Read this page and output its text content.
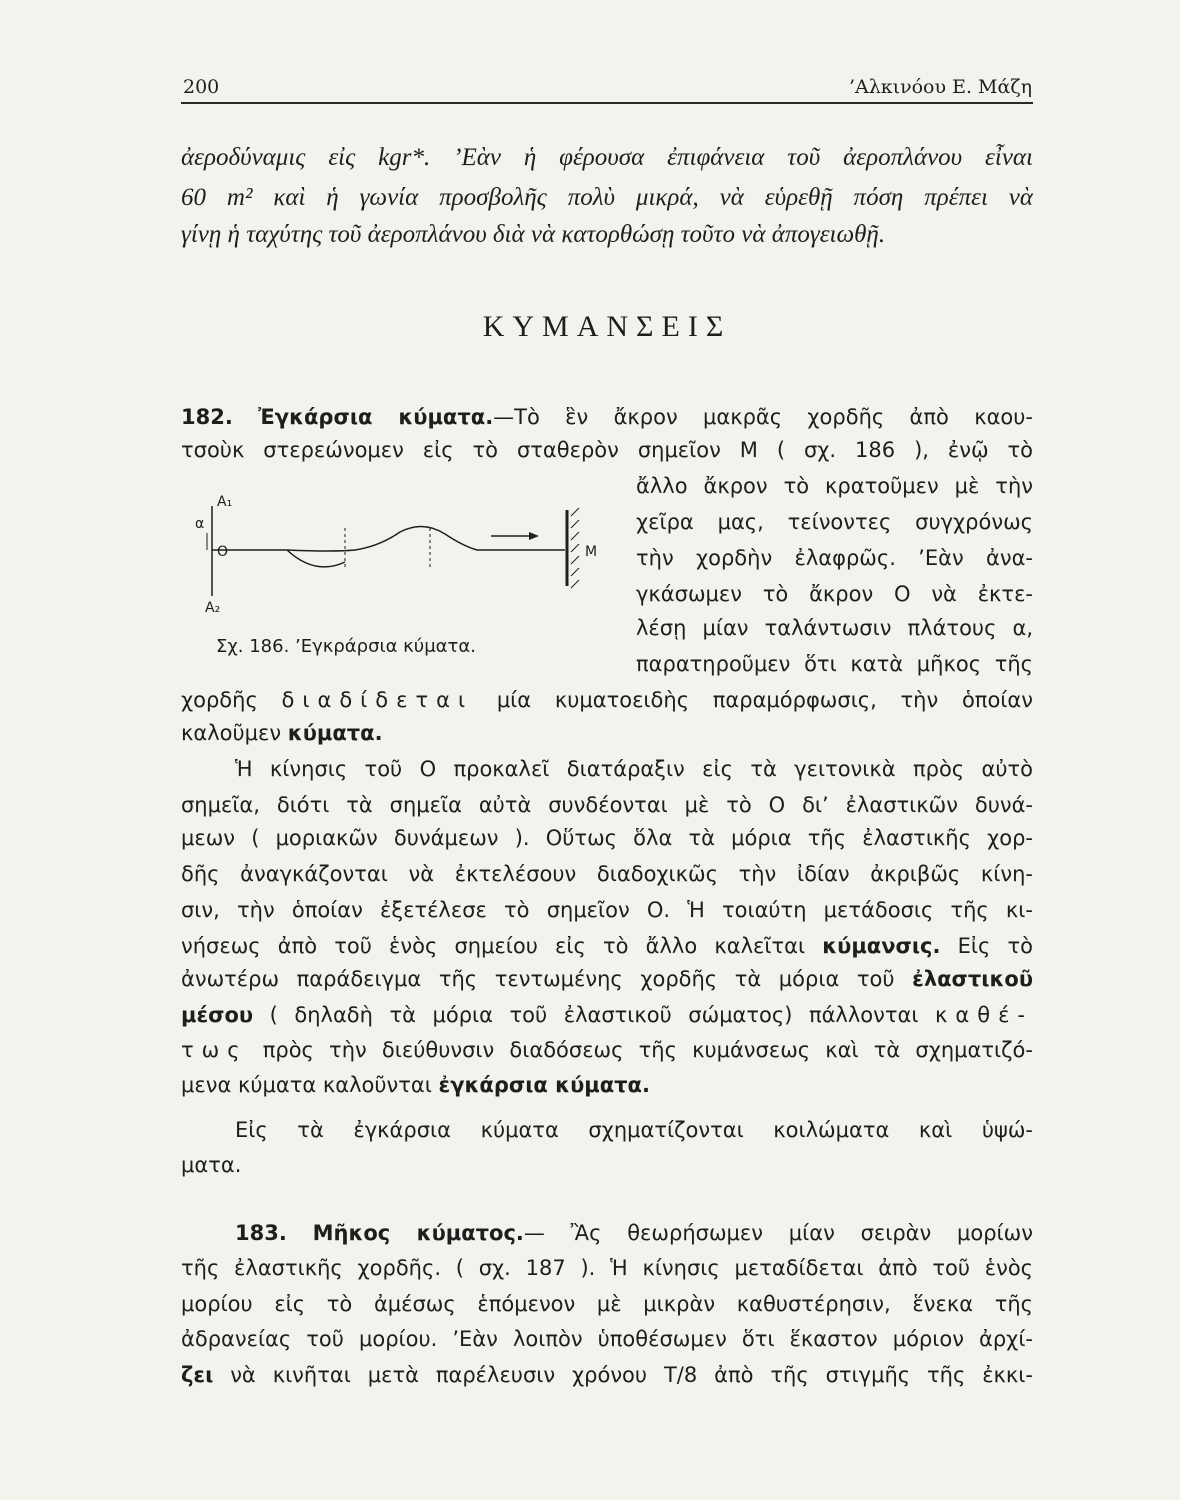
200	’Αλκινόου Ε. Μάζη
ἀεροδύναμις εἰς kgr*. ’Εὰν ἡ φέρουσα ἐπιφάνεια τοῦ ἀεροπλάνου εἶναι
60 m² καὶ ἡ γωνία προσβολῆς πολὺ μικρά, νὰ εὑρεθῇ πόση πρέπει νὰ
γίνῃ ἡ ταχύτης τοῦ ἀεροπλάνου διὰ νὰ κατορθώσῃ τοῦτο νὰ ἀπογειωθῇ.
ΚΥΜΑΝΣΕΙΣ
182. Ἐγκάρσια κύματα.—Τὸ ἓν ἄκρον μακρᾶς χορδῆς ἀπὸ καου-
τσοὺκ στερεώνομεν εἰς τὸ σταθερὸν σημεῖον Μ ( σχ. 186 ), ἐνῷ τὸ
ἄλλο ἄκρον τὸ κρατοῦμεν μὲ τὴν
χεῖρα μας, τείνοντες συγχρόνως
τὴν χορδὴν ἐλαφρῶς. ’Εὰν ἀνα-
γκάσωμεν τὸ ἄκρον Ο νὰ ἐκτε-
λέσῃ μίαν ταλάντωσιν πλάτους α,
παρατηροῦμεν ὅτι κατὰ μῆκος τῆς
α
A₁
O
A₂
M
Σχ. 186. ’Εγκράρσια κύματα.
χορδῆς διαδίδεται μία κυματοειδὴς παραμόρφωσις, τὴν ὁποίαν
καλοῦμεν κύματα.
Ἡ κίνησις τοῦ Ο προκαλεῖ διατάραξιν εἰς τὰ γειτονικὰ πρὸς αὐτὸ
σημεῖα, διότι τὰ σημεῖα αὐτὰ συνδέονται μὲ τὸ Ο δι’ ἐλαστικῶν δυνά-
μεων ( μοριακῶν δυνάμεων ). Οὕτως ὅλα τὰ μόρια τῆς ἐλαστικῆς χορ-
δῆς ἀναγκάζονται νὰ ἐκτελέσουν διαδοχικῶς τὴν ἰδίαν ἀκριβῶς κίνη-
σιν, τὴν ὁποίαν ἐξετέλεσε τὸ σημεῖον Ο. Ἡ τοιαύτη μετάδοσις τῆς κι-
νήσεως ἀπὸ τοῦ ἑνὸς σημείου εἰς τὸ ἄλλο καλεῖται κύμανσις. Εἰς τὸ
ἀνωτέρω παράδειγμα τῆς τεντωμένης χορδῆς τὰ μόρια τοῦ ἐλαστικοῦ
μέσου ( δηλαδὴ τὰ μόρια τοῦ ἐλαστικοῦ σώματος) πάλλονται καθέ-
τως πρὸς τὴν διεύθυνσιν διαδόσεως τῆς κυμάνσεως καὶ τὰ σχηματιζό-
μενα κύματα καλοῦνται ἐγκάρσια κύματα.
Εἰς τὰ ἐγκάρσια κύματα σχηματίζονται κοιλώματα καὶ ὑψώ-
ματα.
183. Μῆκος κύματος.— Ἂς θεωρήσωμεν μίαν σειρὰν μορίων
τῆς ἐλαστικῆς χορδῆς. ( σχ. 187 ). Ἡ κίνησις μεταδίδεται ἀπὸ τοῦ ἑνὸς
μορίου εἰς τὸ ἀμέσως ἑπόμενον μὲ μικρὰν καθυστέρησιν, ἕνεκα τῆς
ἀδρανείας τοῦ μορίου. ’Εὰν λοιπὸν ὑποθέσωμεν ὅτι ἕκαστον μόριον ἀρχί-
ζει νὰ κινῆται μετὰ παρέλευσιν χρόνου Τ/8 ἀπὸ τῆς στιγμῆς τῆς ἐκκι-
